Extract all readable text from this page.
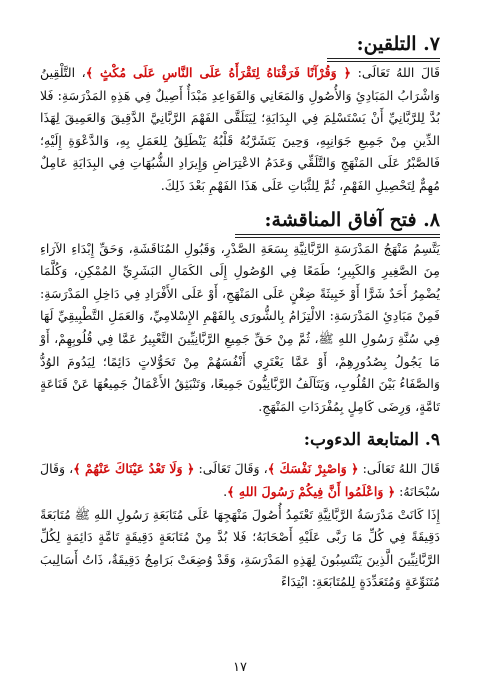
٧. التلقين:

قَالَ اللهُ تَعَالَى: ﴿ وَقُرْآنًا فَرَقْنَاهُ لِتَقْرَأَهُ عَلَى النَّاسِ عَلَى مُكْثٍ ﴾، التَّلْقِينُ وَاشْرَابُ المَبَادِئِ وَالأُصُولِ وَالمَعَانِي وَالقَوَاعِدِ مَبْدَأٌ أَصِيلٌ فِي هَذِهِ المَدْرَسَةِ: فَلا بُدَّ لِلرَّبَّانِيِّ أَنْ يَسْتَسْلِمَ فِي البِدَايَةِ؛ لِيَتَلَقَّى الفَهْمَ الرَّبَّانِيَّ الدَّقِيقَ وَالعَمِيقَ لِهَذَا الدِّينِ مِنْ جَمِيعِ جَوَانِبِهِ، وَحِينَ يَتَشَرَّبُهُ قَلْبُهُ يَنْطَلِقُ لِلعَمَلِ بِهِ، وَالدَّعْوَةِ إِلَيْهِ؛ فَالصَّبْرُ عَلَى المَنْهَجِ وَالتَّلَقِّي وَعَدَمُ الاعْتِرَاضِ وَإِيرَادِ الشُّبُهَاتِ فِي البِدَايَةِ عَامِلٌ مُهِمٌّ لِتَحْصِيلِ الفَهْمِ، ثُمَّ لِلثَّبَاتِ عَلَى هَذَا الفَهْمِ بَعْدَ ذَلِكَ.

٨. فتح آفاق المناقشة:

يَتَّسِمُ مَنْهَجُ المَدْرَسَةِ الرَّبَّانِيَّةِ بِسَعَةِ الصَّدْرِ، وَقَبُولِ المُنَاقَشَةِ، وَحَقِّ إِبْدَاءِ الآرَاءِ مِنَ الصَّغِيرِ وَالكَبِيرِ؛ طَمَعًا فِي الوُصُولِ إِلَى الكَمَالِ البَشَرِيِّ المُمْكِنِ، وَكُلَّمَا يُضْمِرُ أَحَدٌ شَرًّا أَوْ خَبِيثَةً ضِغْنٍ عَلَى المَنْهَجِ، أَوْ عَلَى الأَفْرَادِ فِي دَاخِلِ المَدْرَسَةِ: فَمِنْ مَبَادِئِ المَدْرَسَةِ: الالْتِزَامُ بِالشُّورَى بِالفَهْمِ الإِسْلامِيِّ، وَالعَمَلِ التَّطْبِيقِيِّ لَهَا فِي سُنَّةِ رَسُولِ اللهِ ﷺ، ثُمَّ مِنْ حَقِّ جَمِيعِ الرَّبَّانِيِّينَ التَّعْبِيرُ عَمَّا فِي قُلُوبِهِمْ، أَوْ مَا يَجُولُ بِصُدُورِهِمْ، أَوْ عَمَّا يَعْتَرِي أَنْفُسَهُمْ مِنْ تَحَوُّلاتٍ دَائِمًا؛ لِيَدُومَ الوُدُّ وَالصَّفَاءُ بَيْنَ القُلُوبِ، وَيَتَآلَفُ الرَّبَّانِيُّونَ جَمِيعًا، وَتَنْبَثِقُ الأَعْمَالُ جَمِيعُهَا عَنْ قَنَاعَةٍ تَامَّةٍ، وَرِضَى كَامِلٍ بِمُفْرَدَاتِ المَنْهَجِ.

٩. المتابعة الدءوب:

قَالَ اللهُ تَعَالَى: ﴿ وَاصْبِرْ نَفْسَكَ ﴾، وَقَالَ تَعَالَى: ﴿ وَلَا تَعْدُ عَيْنَاكَ عَنْهُمْ ﴾، وَقَالَ سُبْحَانَهُ: ﴿ وَاعْلَمُوا أَنَّ فِيكُمْ رَسُولَ اللهِ ﴾.

إِذَا كَانَتْ مَدْرَسَةُ الرَّبَّانِيَّةِ تَعْتَمِدُ أُصُولَ مَنْهَجِهَا عَلَى مُتَابَعَةِ رَسُولِ اللهِ ﷺ مُتَابَعَةً دَقِيقَةً فِي كُلِّ مَا رَبَّى عَلَيْهِ أَصْحَابَهُ؛ فَلا بُدَّ مِنْ مُتَابَعَةٍ دَقِيقَةٍ تَامَّةٍ دَائِمَةٍ لِكُلِّ الرَّبَّانِيِّينَ الَّذِينَ يَنْتَسِبُونَ لِهَذِهِ المَدْرَسَةِ، وَقَدْ وُضِعَتْ بَرَامِجُ دَقِيقَةٌ، ذَاتُ أَسَالِيبَ مُتَنَوِّعَةٍ وَمُتَعَدِّدَةٍ لِلمُتَابَعَةِ: ابْتِدَاءً

١٧
